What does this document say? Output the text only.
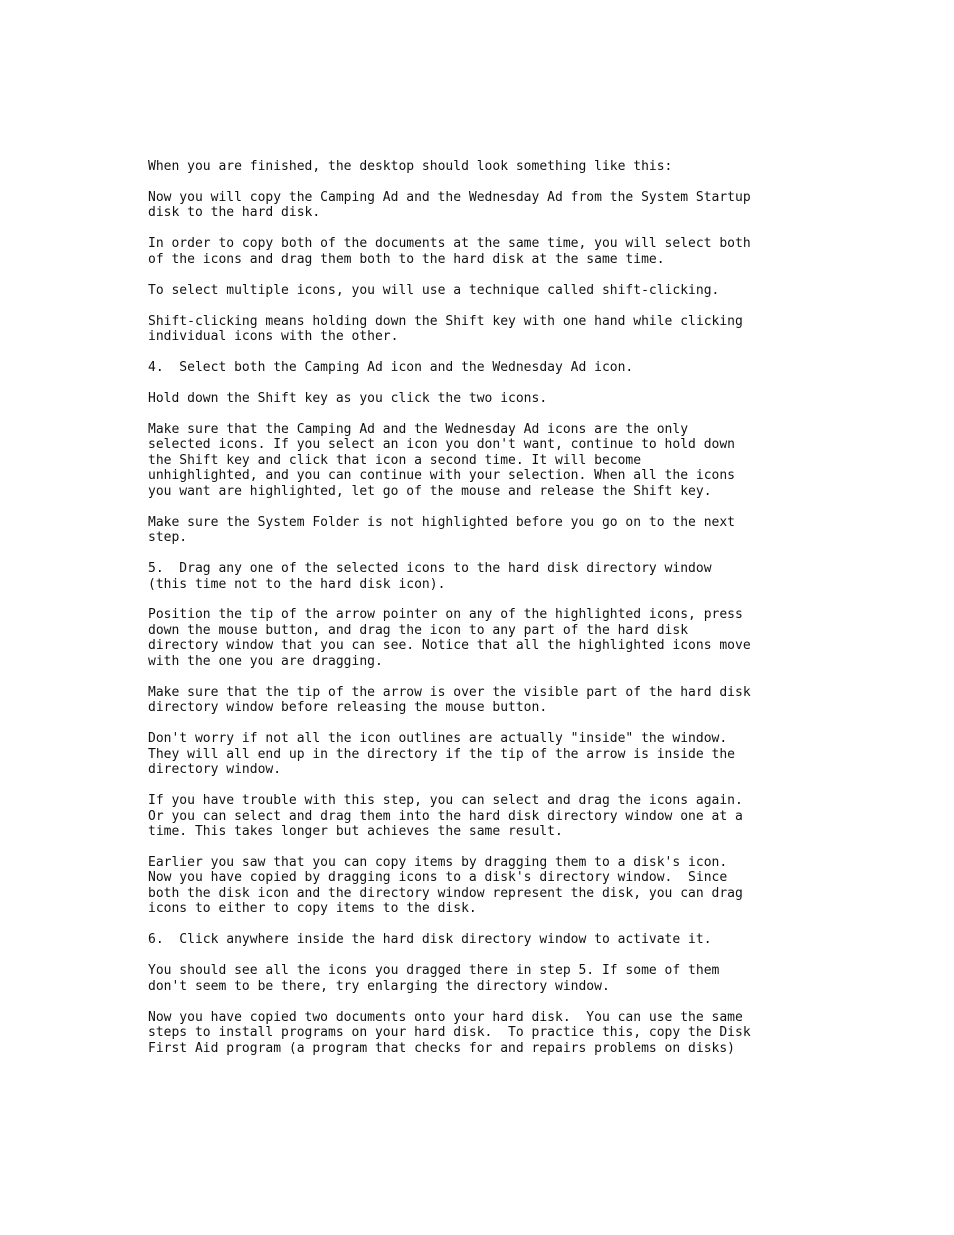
When you are finished, the desktop should look something like this:

Now you will copy the Camping Ad and the Wednesday Ad from the System Startup
disk to the hard disk.

In order to copy both of the documents at the same time, you will select both
of the icons and drag them both to the hard disk at the same time.

To select multiple icons, you will use a technique called shift-clicking.

Shift-clicking means holding down the Shift key with one hand while clicking
individual icons with the other.

4.  Select both the Camping Ad icon and the Wednesday Ad icon.

Hold down the Shift key as you click the two icons.

Make sure that the Camping Ad and the Wednesday Ad icons are the only
selected icons. If you select an icon you don't want, continue to hold down
the Shift key and click that icon a second time. It will become
unhighlighted, and you can continue with your selection. When all the icons
you want are highlighted, let go of the mouse and release the Shift key.

Make sure the System Folder is not highlighted before you go on to the next
step.

5.  Drag any one of the selected icons to the hard disk directory window
(this time not to the hard disk icon).

Position the tip of the arrow pointer on any of the highlighted icons, press
down the mouse button, and drag the icon to any part of the hard disk
directory window that you can see. Notice that all the highlighted icons move
with the one you are dragging.

Make sure that the tip of the arrow is over the visible part of the hard disk
directory window before releasing the mouse button.

Don't worry if not all the icon outlines are actually "inside" the window.
They will all end up in the directory if the tip of the arrow is inside the
directory window.

If you have trouble with this step, you can select and drag the icons again.
Or you can select and drag them into the hard disk directory window one at a
time. This takes longer but achieves the same result.

Earlier you saw that you can copy items by dragging them to a disk's icon.
Now you have copied by dragging icons to a disk's directory window.  Since
both the disk icon and the directory window represent the disk, you can drag
icons to either to copy items to the disk.

6.  Click anywhere inside the hard disk directory window to activate it.

You should see all the icons you dragged there in step 5. If some of them
don't seem to be there, try enlarging the directory window.

Now you have copied two documents onto your hard disk.  You can use the same
steps to install programs on your hard disk.  To practice this, copy the Disk
First Aid program (a program that checks for and repairs problems on disks)
